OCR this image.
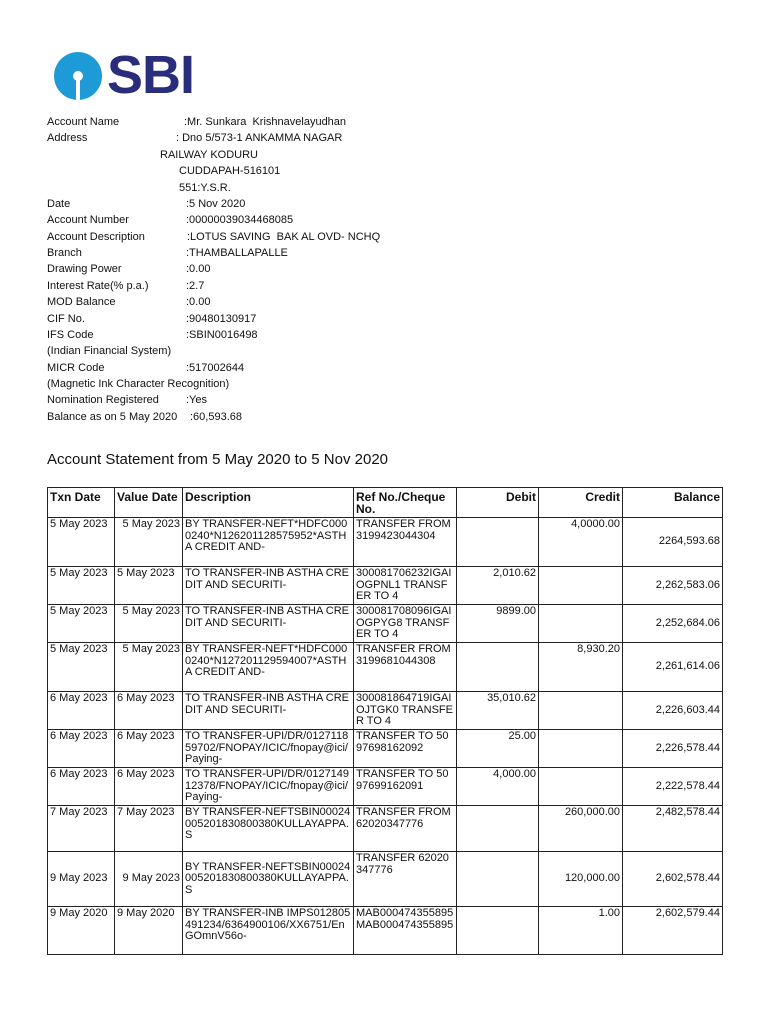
SBI
Account Name	:Mr. Sunkara  Krishnavelayudhan
Address	: Dno 5/573-1 ANKAMMA NAGAR
RAILWAY KODURU
CUDDAPAH-516101
551:Y.S.R.
Date	:5 Nov 2020
Account Number	:00000039034468085
Account Description	:LOTUS SAVING  BAK AL OVD- NCHQ
Branch	:THAMBALLAPALLE
Drawing Power	:0.00
Interest Rate(% p.a.)	:2.7
MOD Balance	:0.00
CIF No.	:90480130917
IFS Code	:SBIN0016498
(Indian Financial System)
MICR Code	:517002644
(Magnetic Ink Character Recognition)
Nomination Registered :Yes
Balance as on 5 May 2020 :60,593.68
Account Statement from 5 May 2020 to 5 Nov 2020
Txn Date	Value Date	Description	Ref No./Cheque No.	Debit	Credit	Balance
5 May 2023	5 May 2023	BY TRANSFER-NEFT*HDFC0000240*N126201128575952*ASTHA CREDIT AND-	TRANSFER FROM 3199423044304		4,0000.00	2264,593.68
5 May 2023	5 May 2023	TO TRANSFER-INB ASTHA CREDIT AND SECURITI-	300081706232IGAIOGPNL1 TRANSFER TO 4	2,010.62		2,262,583.06
5 May 2023	5 May 2023	TO TRANSFER-INB ASTHA CREDIT AND SECURITI-	300081708096IGAIOGPYG8 TRANSFER TO 4	9899.00		2,252,684.06
5 May 2023	5 May 2023	BY TRANSFER-NEFT*HDFC0000240*N127201129594007*ASTHA CREDIT AND-	TRANSFER FROM 3199681044308		8,930.20	2,261,614.06
6 May 2023	6 May 2023	TO TRANSFER-INB ASTHA CREDIT AND SECURITI-	300081864719IGAIOJTGK0 TRANSFER TO 4	35,010.62		2,226,603.44
6 May 2023	6 May 2023	TO TRANSFER-UPI/DR/012711859702/FNOPAY/ICIC/fnopay@ici/Paying-	TRANSFER TO 5097698162092	25.00		2,226,578.44
6 May 2023	6 May 2023	TO TRANSFER-UPI/DR/012714912378/FNOPAY/ICIC/fnopay@ici/Paying-	TRANSFER TO 5097699162091	4,000.00		2,222,578.44
7 May 2023	7 May 2023	BY TRANSFER-NEFTSBIN00024005201830800380KULLAYAPPA.S	TRANSFER FROM 62020347776		260,000.00	2,482,578.44
9 May 2023	9 May 2023	BY TRANSFER-NEFTSBIN00024005201830800380KULLAYAPPA.S	TRANSFER 62020347776		120,000.00	2,602,578.44
9 May 2020	9 May 2020	BY TRANSFER-INB IMPS012805491234/6364900106/XX6751/EnGOmnV56o-	MAB000474355895 MAB000474355895		1.00	2,602,579.44
